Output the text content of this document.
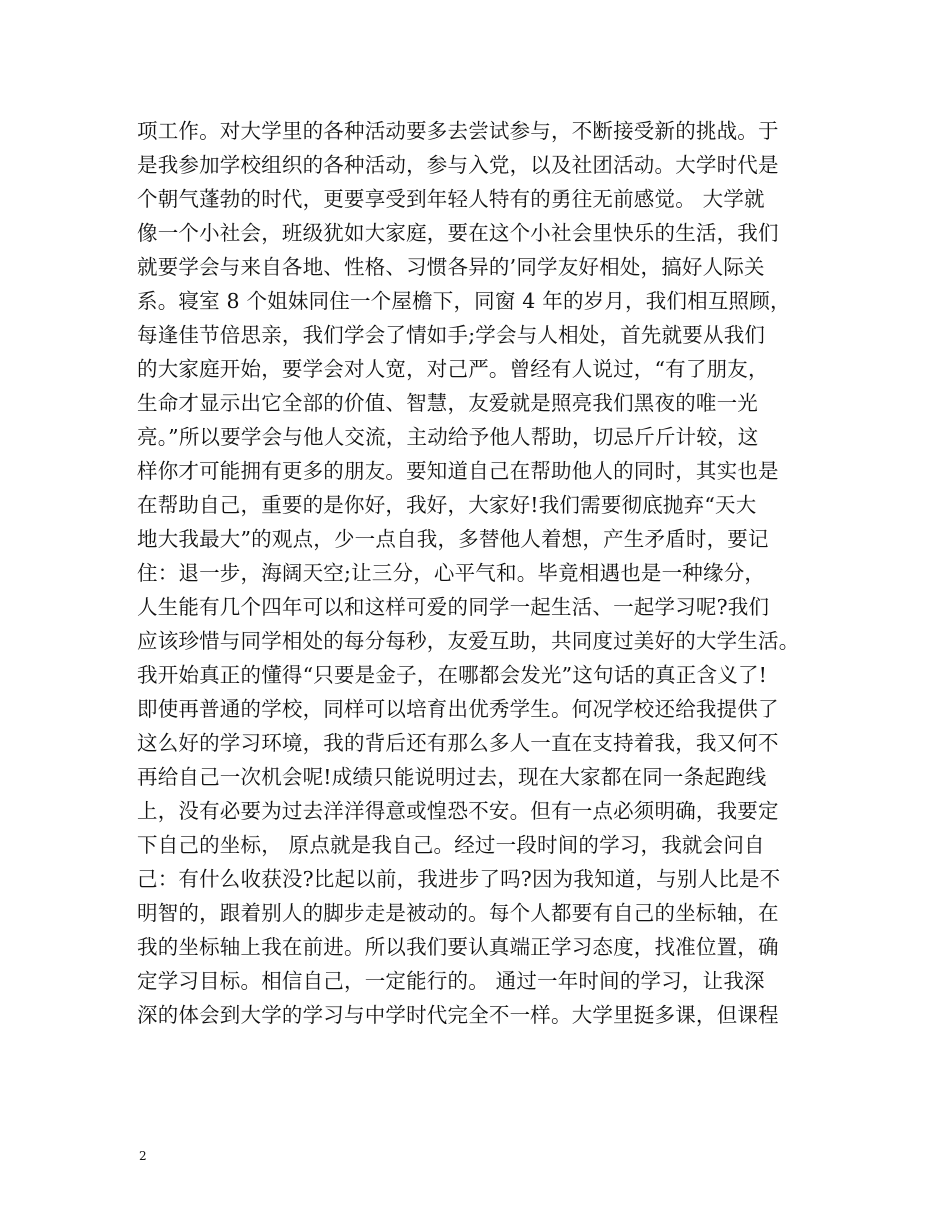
项工作。对大学里的各种活动要多去尝试参与，不断接受新的挑战。于
是我参加学校组织的各种活动，参与入党，以及社团活动。大学时代是
个朝气蓬勃的时代，更要享受到年轻人特有的勇往无前感觉。 大学就
像一个小社会，班级犹如大家庭，要在这个小社会里快乐的生活，我们
就要学会与来自各地、性格、习惯各异的’同学友好相处，搞好人际关
系。寝室 8 个姐妹同住一个屋檐下，同窗 4 年的岁月，我们相互照顾，
每逢佳节倍思亲，我们学会了情如手;学会与人相处，首先就要从我们
的大家庭开始，要学会对人宽，对己严。曾经有人说过，“有了朋友，
生命才显示出它全部的价值、智慧，友爱就是照亮我们黑夜的唯一光
亮。”所以要学会与他人交流，主动给予他人帮助，切忌斤斤计较，这
样你才可能拥有更多的朋友。要知道自己在帮助他人的同时，其实也是
在帮助自己，重要的是你好，我好，大家好!我们需要彻底抛弃“天大
地大我最大”的观点，少一点自我，多替他人着想，产生矛盾时，要记
住：退一步，海阔天空;让三分，心平气和。毕竟相遇也是一种缘分，
人生能有几个四年可以和这样可爱的同学一起生活、一起学习呢?我们
应该珍惜与同学相处的每分每秒，友爱互助，共同度过美好的大学生活。
我开始真正的懂得“只要是金子，在哪都会发光”这句话的真正含义了!
即使再普通的学校，同样可以培育出优秀学生。何况学校还给我提供了
这么好的学习环境，我的背后还有那么多人一直在支持着我，我又何不
再给自己一次机会呢!成绩只能说明过去，现在大家都在同一条起跑线
上，没有必要为过去洋洋得意或惶恐不安。但有一点必须明确，我要定
下自己的坐标， 原点就是我自己。经过一段时间的学习，我就会问自
己：有什么收获没?比起以前，我进步了吗?因为我知道，与别人比是不
明智的，跟着别人的脚步走是被动的。每个人都要有自己的坐标轴，在
我的坐标轴上我在前进。所以我们要认真端正学习态度，找准位置，确
定学习目标。相信自己，一定能行的。 通过一年时间的学习，让我深
深的体会到大学的学习与中学时代完全不一样。大学里挺多课，但课程
2
